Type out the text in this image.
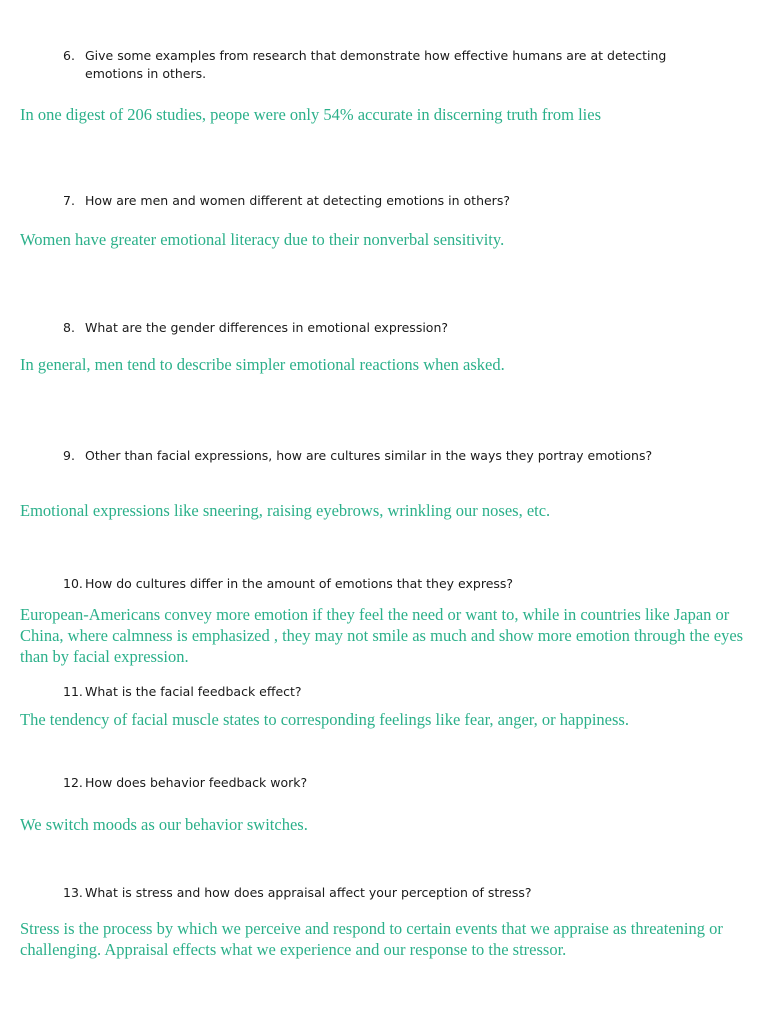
6. Give some examples from research that demonstrate how effective humans are at detecting emotions in others.
In one digest of 206 studies, peope were only 54% accurate in discerning truth from lies
7. How are men and women different at detecting emotions in others?
Women have greater emotional literacy due to their nonverbal sensitivity.
8. What are the gender differences in emotional expression?
In general, men tend to describe simpler emotional reactions when asked.
9. Other than facial expressions, how are cultures similar in the ways they portray emotions?
Emotional expressions like sneering, raising eyebrows, wrinkling our noses, etc.
10. How do cultures differ in the amount of emotions that they express?
European-Americans convey more emotion if they feel the need or want to, while in countries like Japan or China, where calmness is emphasized , they may not smile as much and show more emotion through the eyes than by facial expression.
11. What is the facial feedback effect?
The tendency of facial muscle states to corresponding feelings like fear, anger, or happiness.
12. How does behavior feedback work?
We switch moods as our behavior switches.
13. What is stress and how does appraisal affect your perception of stress?
Stress is the process by which we perceive and respond to certain events that we appraise as threatening or challenging. Appraisal effects what we experience and our response to the stressor.
